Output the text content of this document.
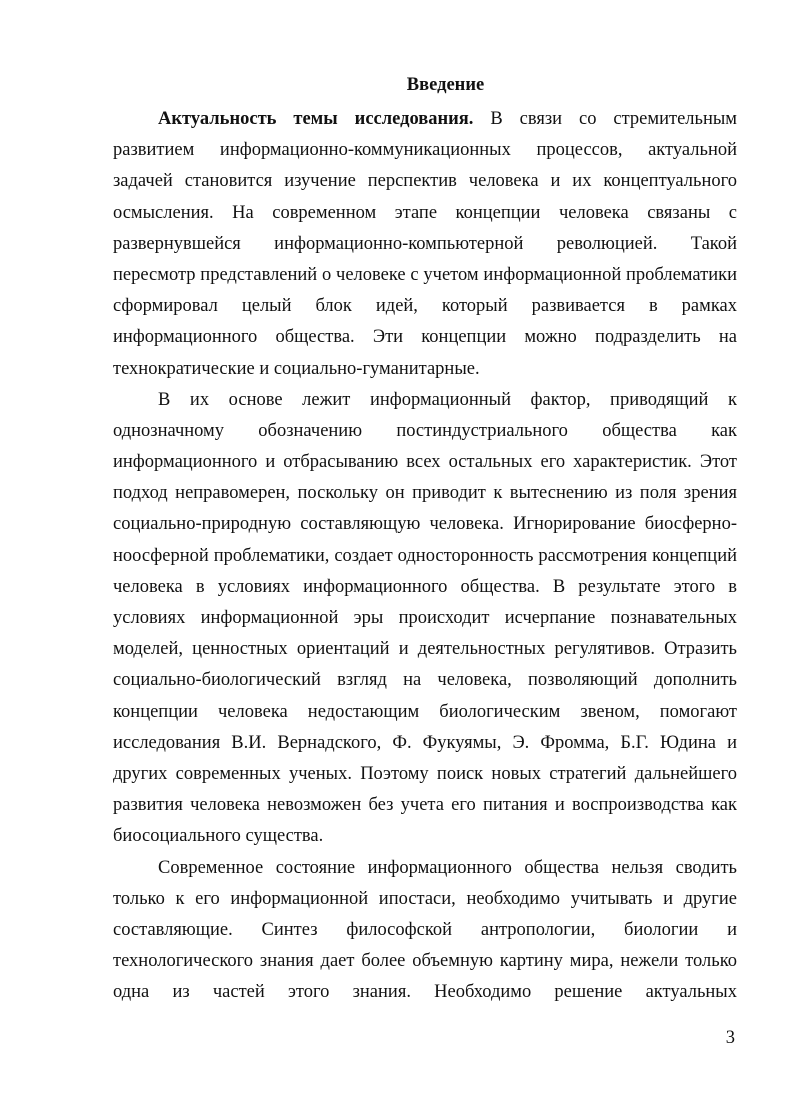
Введение
Актуальность темы исследования. В связи со стремительным
развитием информационно-коммуникационных процессов, актуальной
задачей становится изучение перспектив человека и их концептуального
осмысления. На современном этапе концепции человека связаны с
развернувшейся информационно-компьютерной революцией. Такой
пересмотр представлений о человеке с учетом информационной проблематики
сформировал целый блок идей, который развивается в рамках
информационного общества. Эти концепции можно подразделить на
технократические и социально-гуманитарные.
В их основе лежит информационный фактор, приводящий к
однозначному обозначению постиндустриального общества как
информационного и отбрасыванию всех остальных его характеристик. Этот
подход неправомерен, поскольку он приводит к вытеснению из поля зрения
социально-природную составляющую человека. Игнорирование биосферно-
ноосферной проблематики, создает односторонность рассмотрения концепций
человека в условиях информационного общества. В результате этого в
условиях информационной эры происходит исчерпание познавательных
моделей, ценностных ориентаций и деятельностных регулятивов. Отразить
социально-биологический взгляд на человека, позволяющий дополнить
концепции человека недостающим биологическим звеном, помогают
исследования В.И. Вернадского, Ф. Фукуямы, Э. Фромма, Б.Г. Юдина и
других современных ученых. Поэтому поиск новых стратегий дальнейшего
развития человека невозможен без учета его питания и воспроизводства как
биосоциального существа.
Современное состояние информационного общества нельзя сводить
только к его информационной ипостаси, необходимо учитывать и другие
составляющие. Синтез философской антропологии, биологии и
технологического знания дает более объемную картину мира, нежели только
одна из частей этого знания. Необходимо решение актуальных
3
